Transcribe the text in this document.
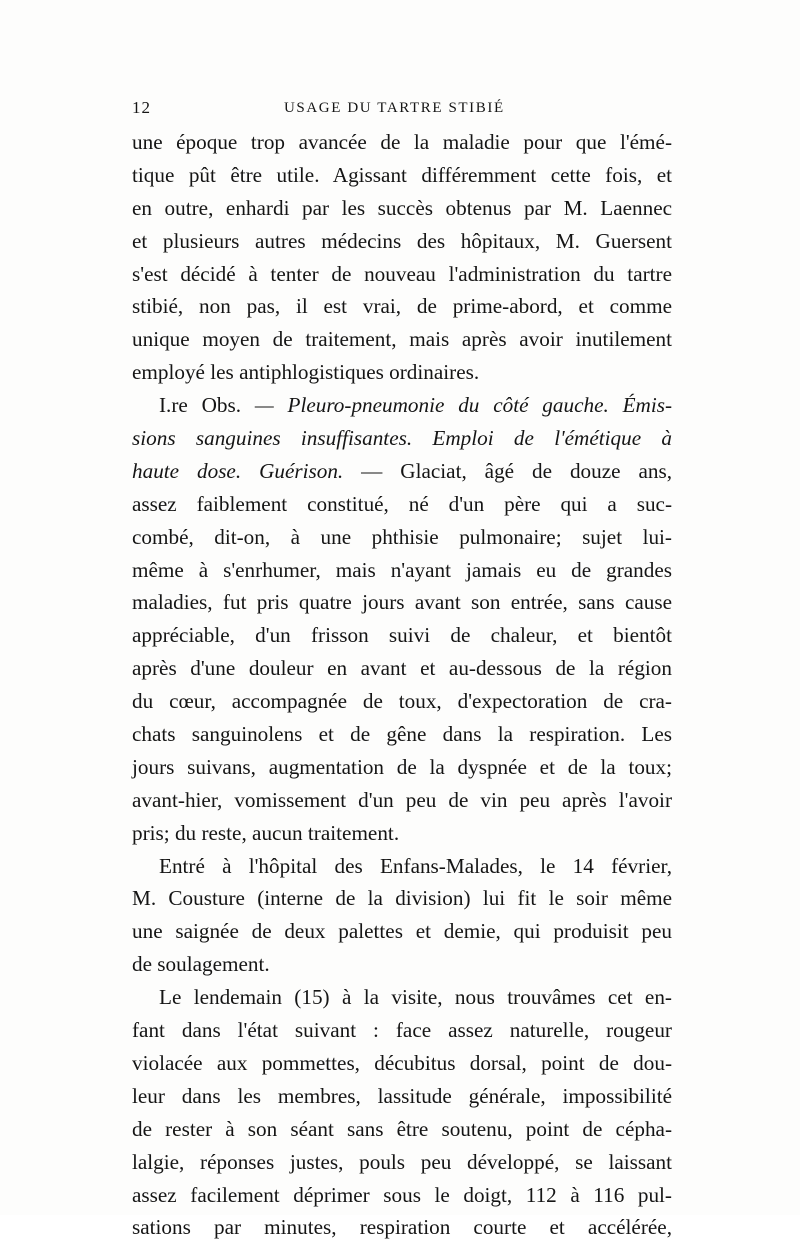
12	USAGE DU TARTRE STIBIÉ
une époque trop avancée de la maladie pour que l'émé-
tique pût être utile. Agissant différemment cette fois, et
en outre, enhardi par les succès obtenus par M. Laennec
et plusieurs autres médecins des hôpitaux, M. Guersent
s'est décidé à tenter de nouveau l'administration du tartre
stibié, non pas, il est vrai, de prime-abord, et comme
unique moyen de traitement, mais après avoir inutilement
employé les antiphlogistiques ordinaires.
I.re Obs. — Pleuro-pneumonie du côté gauche. Émis-
sions sanguines insuffisantes. Emploi de l'émétique à
haute dose. Guérison. — Glaciat, âgé de douze ans,
assez faiblement constitué, né d'un père qui a suc-
combé, dit-on, à une phthisie pulmonaire; sujet lui-
même à s'enrhumer, mais n'ayant jamais eu de grandes
maladies, fut pris quatre jours avant son entrée, sans cause
appréciable, d'un frisson suivi de chaleur, et bientôt
après d'une douleur en avant et au-dessous de la région
du cœur, accompagnée de toux, d'expectoration de cra-
chats sanguinolens et de gêne dans la respiration. Les
jours suivans, augmentation de la dyspnée et de la toux;
avant-hier, vomissement d'un peu de vin peu après l'avoir
pris; du reste, aucun traitement.
Entré à l'hôpital des Enfans-Malades, le 14 février,
M. Cousture (interne de la division) lui fit le soir même
une saignée de deux palettes et demie, qui produisit peu
de soulagement.
Le lendemain (15) à la visite, nous trouvâmes cet en-
fant dans l'état suivant : face assez naturelle, rougeur
violacée aux pommettes, décubitus dorsal, point de dou-
leur dans les membres, lassitude générale, impossibilité
de rester à son séant sans être soutenu, point de cépha-
lalgie, réponses justes, pouls peu développé, se laissant
assez facilement déprimer sous le doigt, 112 à 116 pul-
sations par minutes, respiration courte et accélérée,
